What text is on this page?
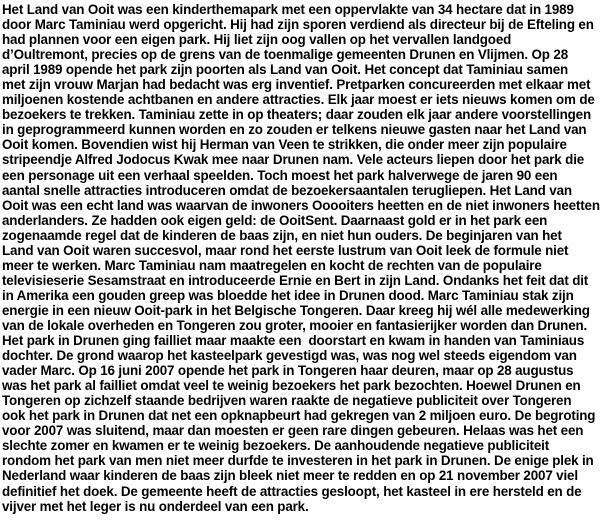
Het Land van Ooit was een kinderthemapark met een oppervlakte van 34 hectare dat in 1989
door Marc Taminiau werd opgericht. Hij had zijn sporen verdiend als directeur bij de Efteling en
had plannen voor een eigen park. Hij liet zijn oog vallen op het vervallen landgoed
d’Oultremont, precies op de grens van de toenmalige gemeenten Drunen en Vlijmen. Op 28
april 1989 opende het park zijn poorten als Land van Ooit. Het concept dat Taminiau samen
met zijn vrouw Marjan had bedacht was erg inventief. Pretparken concureerden met elkaar met
miljoenen kostende achtbanen en andere attracties. Elk jaar moest er iets nieuws komen om de
bezoekers te trekken. Taminiau zette in op theaters; daar zouden elk jaar andere voorstellingen
in geprogrammeerd kunnen worden en zo zouden er telkens nieuwe gasten naar het Land van
Ooit komen. Bovendien wist hij Herman van Veen te strikken, die onder meer zijn populaire
stripeendje Alfred Jodocus Kwak mee naar Drunen nam. Vele acteurs liepen door het park die
een personage uit een verhaal speelden. Toch moest het park halverwege de jaren 90 een
aantal snelle attracties introduceren omdat de bezoekersaantalen terugliepen. Het Land van
Ooit was een echt land was waarvan de inwoners Ooooiters heetten en de niet inwoners heetten
anderlanders. Ze hadden ook eigen geld: de OoitSent. Daarnaast gold er in het park een
zogenaamde regel dat de kinderen de baas zijn, en niet hun ouders. De beginjaren van het
Land van Ooit waren succesvol, maar rond het eerste lustrum van Ooit leek de formule niet
meer te werken. Marc Taminiau nam maatregelen en kocht de rechten van de populaire
televisieserie Sesamstraat en introduceerde Ernie en Bert in zijn Land. Ondanks het feit dat dit
in Amerika een gouden greep was bloedde het idee in Drunen dood. Marc Taminiau stak zijn
energie in een nieuw Ooit-park in het Belgische Tongeren. Daar kreeg hij wél alle medewerking
van de lokale overheden en Tongeren zou groter, mooier en fantasierijker worden dan Drunen.
Het park in Drunen ging failliet maar maakte een  doorstart en kwam in handen van Taminiaus
dochter. De grond waarop het kasteelpark gevestigd was, was nog wel steeds eigendom van
vader Marc. Op 16 juni 2007 opende het park in Tongeren haar deuren, maar op 28 augustus
was het park al failliet omdat veel te weinig bezoekers het park bezochten. Hoewel Drunen en
Tongeren op zichzelf staande bedrijven waren raakte de negatieve publiciteit over Tongeren
ook het park in Drunen dat net een opknapbeurt had gekregen van 2 miljoen euro. De begroting
voor 2007 was sluitend, maar dan moesten er geen rare dingen gebeuren. Helaas was het een
slechte zomer en kwamen er te weinig bezoekers. De aanhoudende negatieve publiciteit
rondom het park van men niet meer durfde te investeren in het park in Drunen. De enige plek in
Nederland waar kinderen de baas zijn bleek niet meer te redden en op 21 november 2007 viel
definitief het doek. De gemeente heeft de attracties gesloopt, het kasteel in ere hersteld en de
vijver met het leger is nu onderdeel van een park.
